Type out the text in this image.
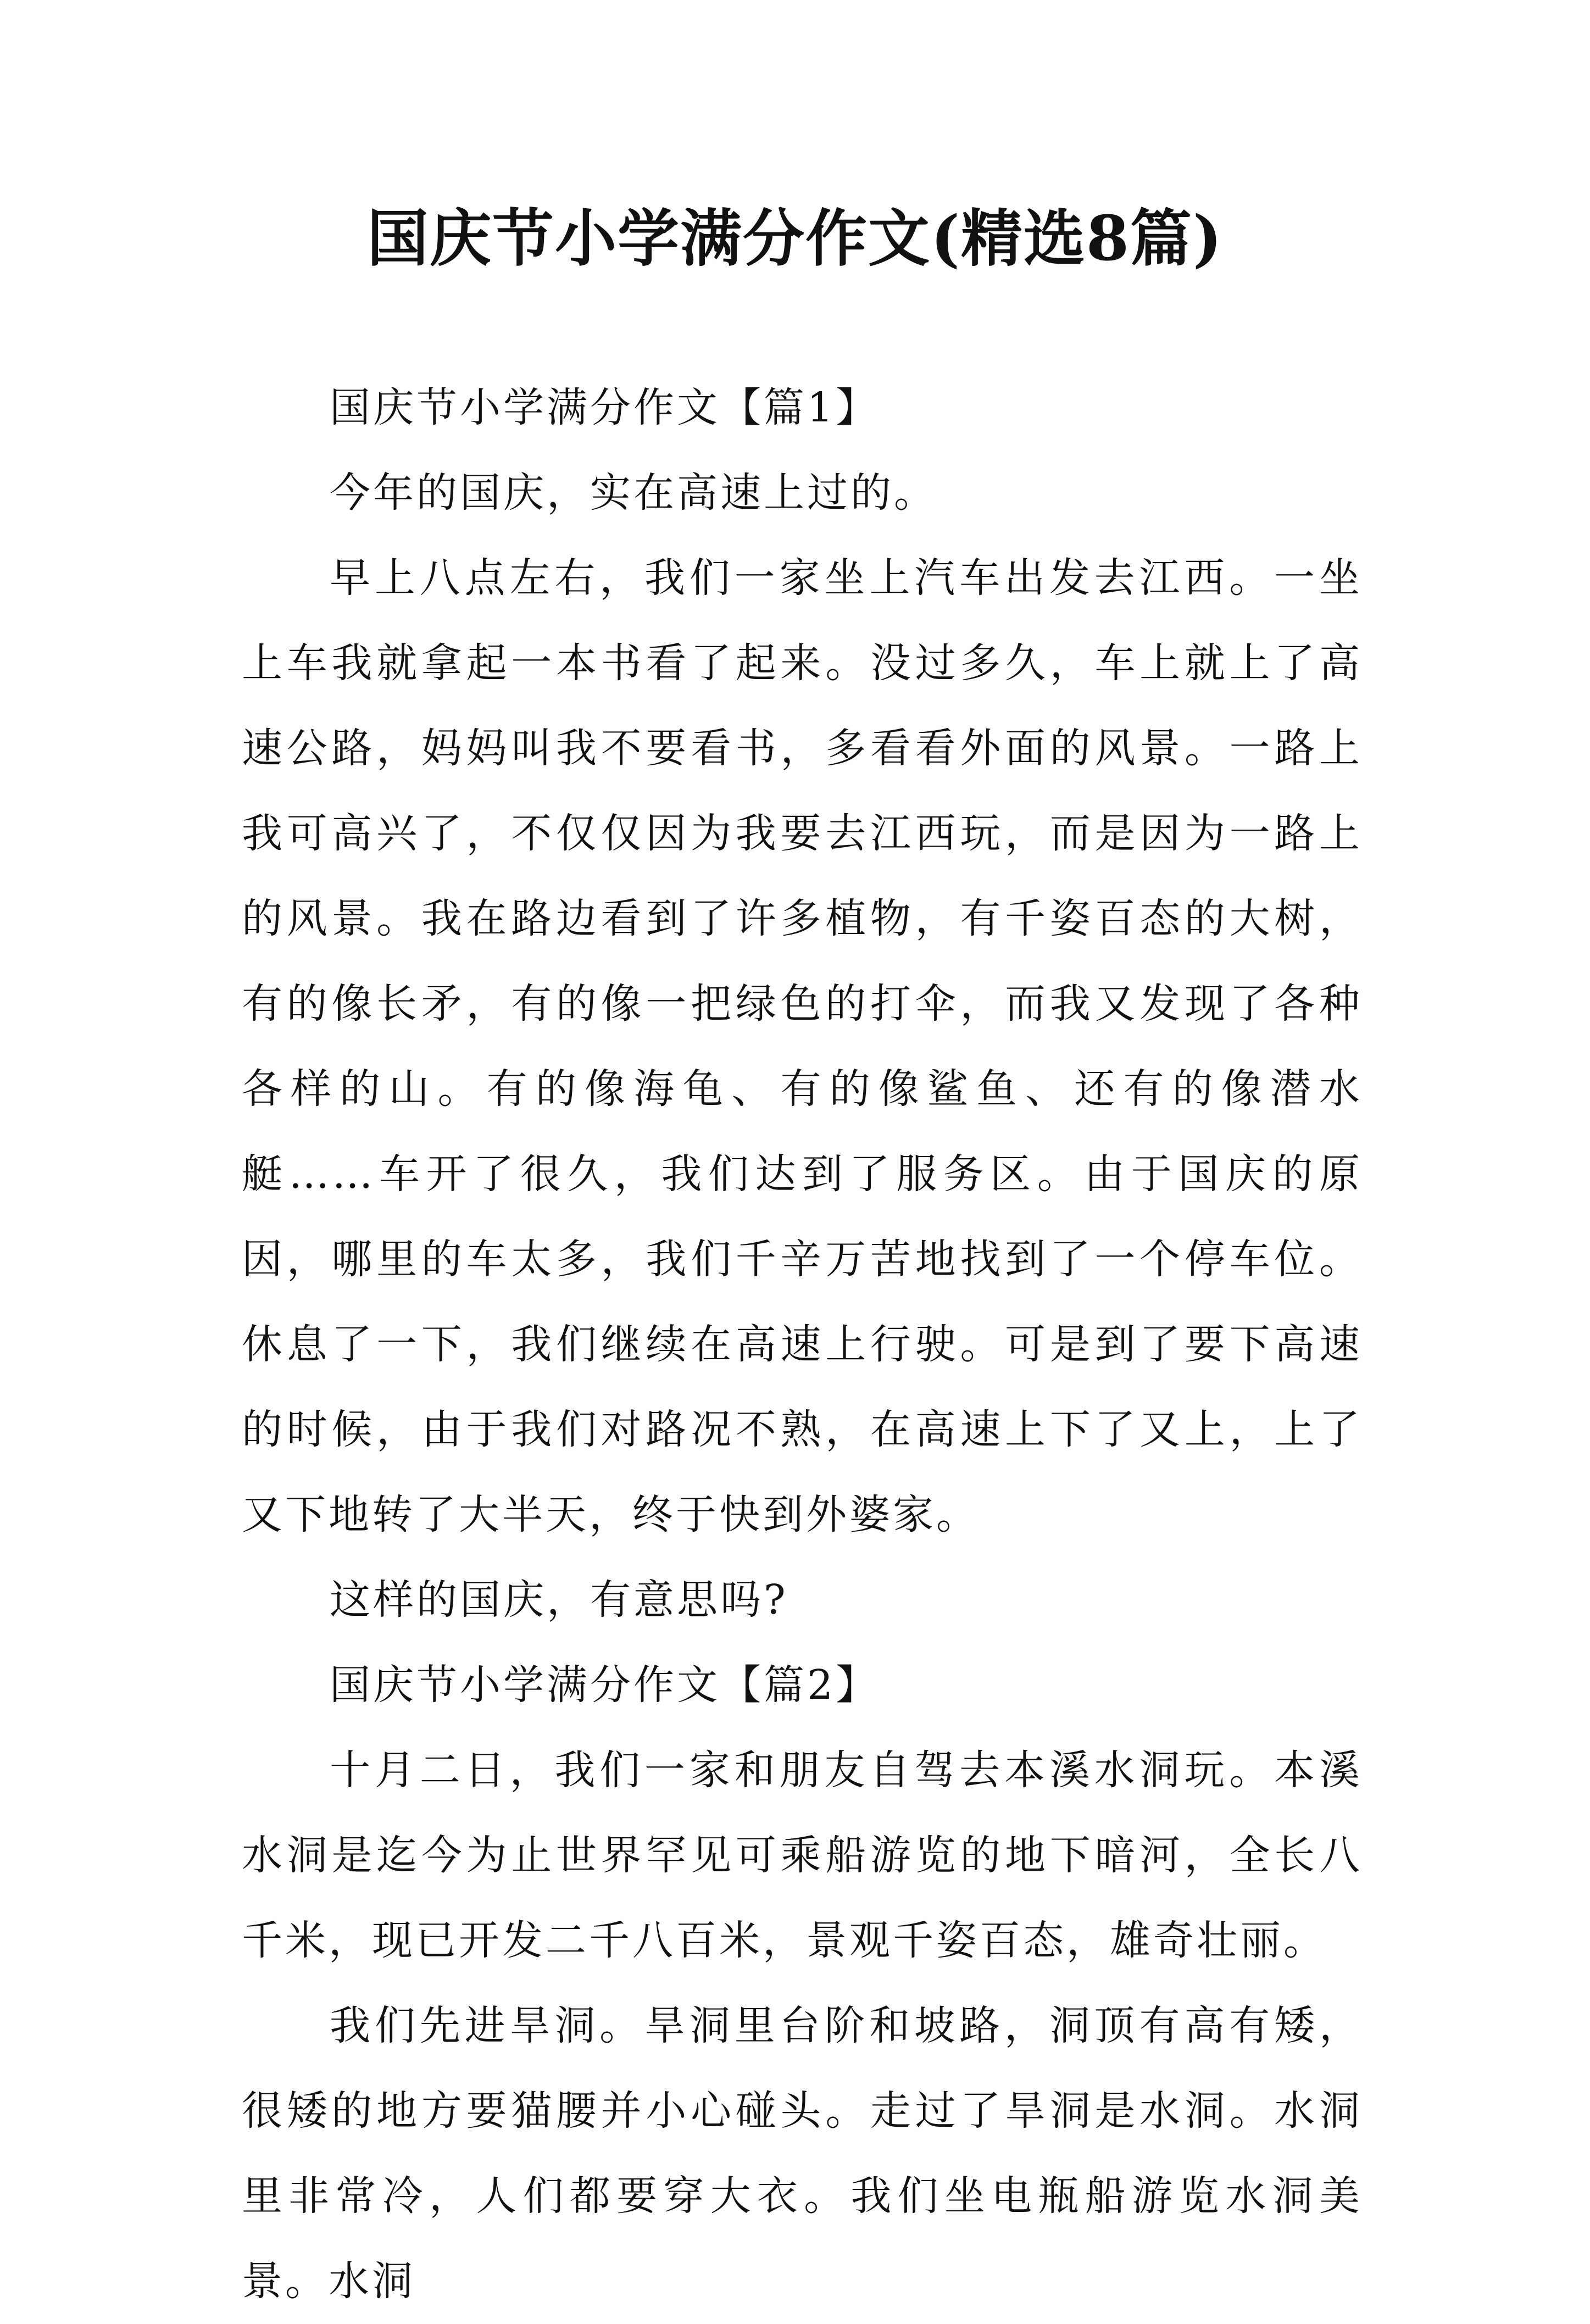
国庆节小学满分作文(精选8篇)

国庆节小学满分作文【篇1】

今年的国庆，实在高速上过的。

早上八点左右，我们一家坐上汽车出发去江西。一坐上车我就拿起一本书看了起来。没过多久，车上就上了高速公路，妈妈叫我不要看书，多看看外面的风景。一路上我可高兴了，不仅仅因为我要去江西玩，而是因为一路上的风景。我在路边看到了许多植物，有千姿百态的大树，有的像长矛，有的像一把绿色的打伞，而我又发现了各种各样的山。有的像海龟、有的像鲨鱼、还有的像潜水艇……车开了很久，我们达到了服务区。由于国庆的原因，哪里的车太多，我们千辛万苦地找到了一个停车位。休息了一下，我们继续在高速上行驶。可是到了要下高速的时候，由于我们对路况不熟，在高速上下了又上，上了又下地转了大半天，终于快到外婆家。

这样的国庆，有意思吗?

国庆节小学满分作文【篇2】

十月二日，我们一家和朋友自驾去本溪水洞玩。本溪水洞是迄今为止世界罕见可乘船游览的地下暗河，全长八千米，现已开发二千八百米，景观千姿百态，雄奇壮丽。

我们先进旱洞。旱洞里台阶和坡路，洞顶有高有矮，很矮的地方要猫腰并小心碰头。走过了旱洞是水洞。水洞里非常冷，人们都要穿大衣。我们坐电瓶船游览水洞美景。水洞
